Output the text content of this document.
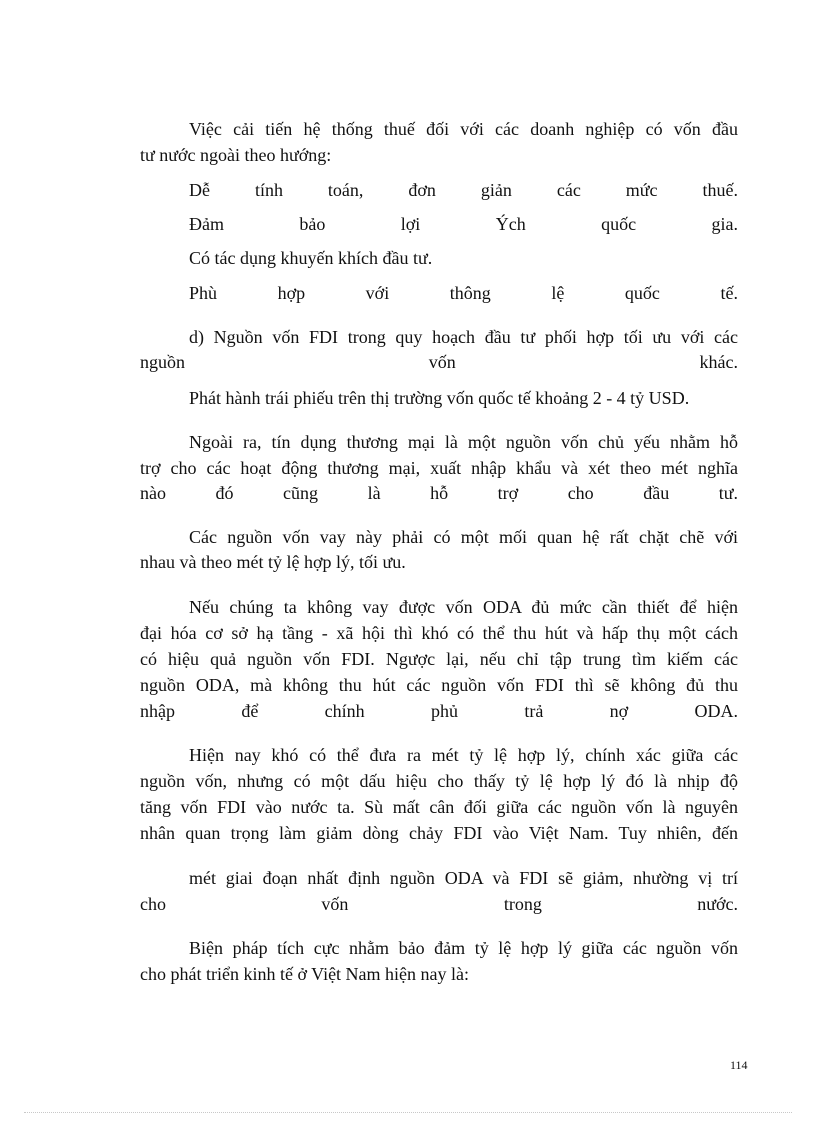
Việc cải tiến hệ thống thuế đối với các doanh nghiệp có vốn đầu
tư nước ngoài theo hướng:
Dễ tính toán, đơn giản các mức thuế.
Đảm bảo lợi Ých quốc gia.
Có tác dụng khuyến khích đầu tư.
Phù hợp với thông lệ quốc tế.
d) Nguồn vốn FDI trong quy hoạch đầu tư phối hợp tối ưu với các
nguồn vốn khác.
Phát hành trái phiếu trên thị trường vốn quốc tế khoảng 2 - 4 tỷ USD.
Ngoài ra, tín dụng thương mại là một nguồn vốn chủ yếu nhằm hỗ
trợ cho các hoạt động thương mại, xuất nhập khẩu và xét theo mét nghĩa
nào đó cũng là hỗ trợ cho đầu tư.
Các nguồn vốn vay này phải có một mối quan hệ rất chặt chẽ với
nhau và theo mét tỷ lệ hợp lý, tối ưu.
Nếu chúng ta không vay được vốn ODA đủ mức cần thiết để hiện
đại hóa cơ sở hạ tầng - xã hội thì khó có thể thu hút và hấp thụ một cách
có hiệu quả nguồn vốn FDI. Ngược lại, nếu chỉ tập trung tìm kiếm các
nguồn ODA, mà không thu hút các nguồn vốn FDI thì sẽ không đủ thu
nhập để chính phủ trả nợ ODA.
Hiện nay khó có thể đưa ra mét tỷ lệ hợp lý, chính xác giữa các
nguồn vốn, nhưng có một dấu hiệu cho thấy tỷ lệ hợp lý đó là nhịp độ
tăng vốn FDI vào nước ta. Sù mất cân đối giữa các nguồn vốn là nguyên
nhân quan trọng làm giảm dòng chảy FDI vào Việt Nam. Tuy nhiên, đến
mét giai đoạn nhất định nguồn ODA và FDI sẽ giảm, nhường vị trí
cho vốn trong nước.
Biện pháp tích cực nhằm bảo đảm tỷ lệ hợp lý giữa các nguồn vốn
cho phát triển kinh tế ở Việt Nam hiện nay là:
114
